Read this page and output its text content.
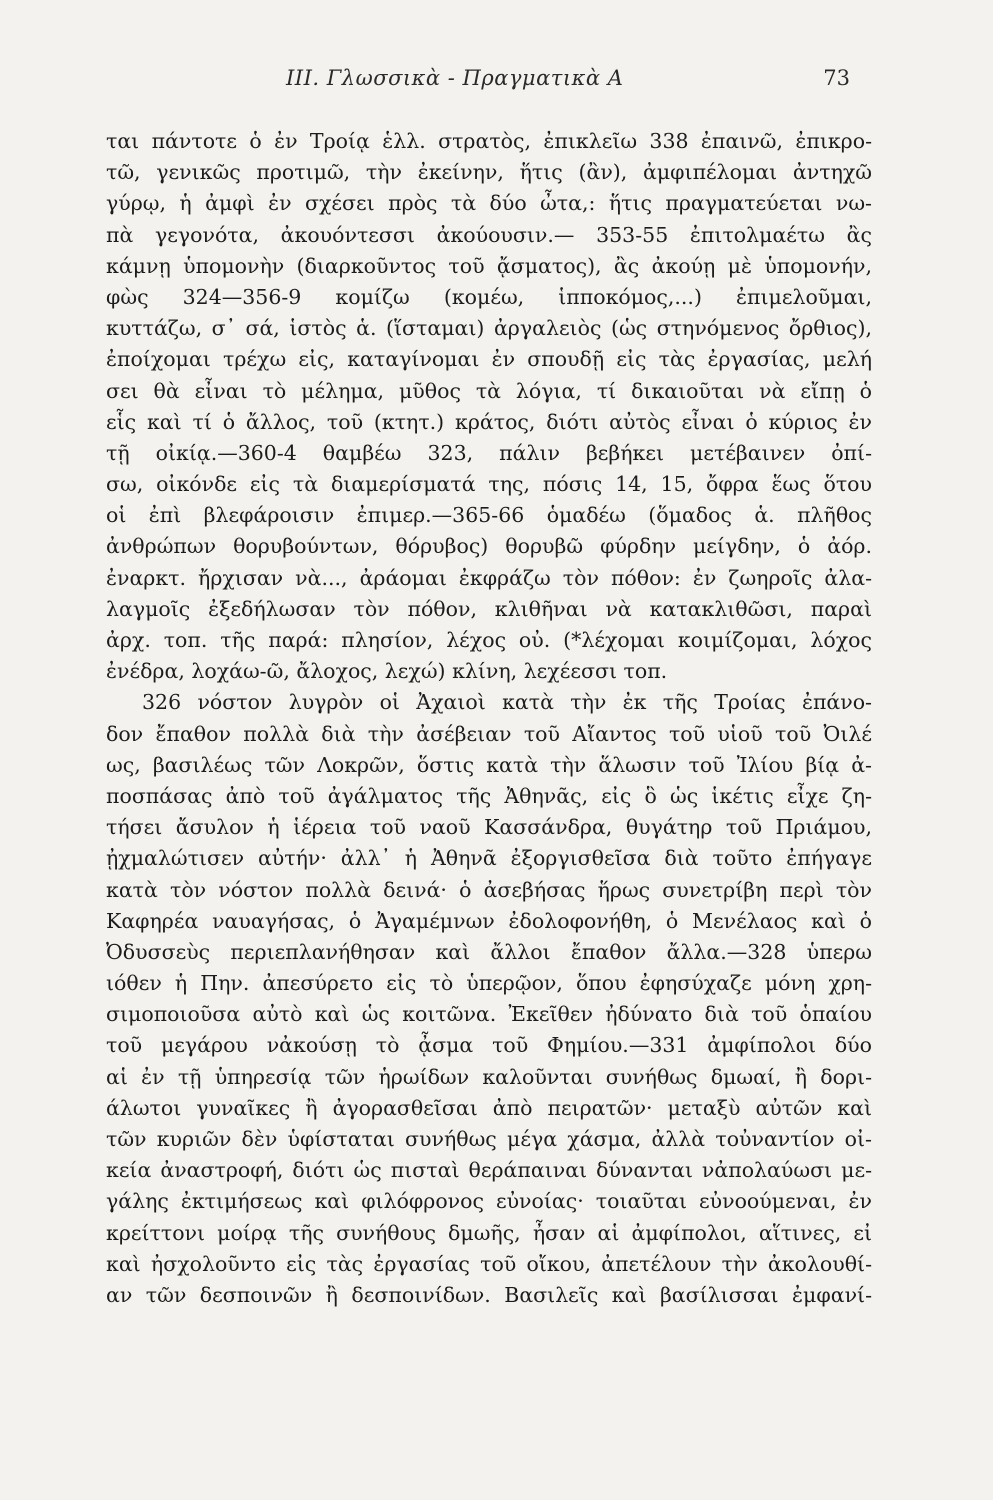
III. Γλωσσικὰ - Πραγματικὰ Α	73
ται πάντοτε ὁ ἐν Τροίᾳ ἑλλ. στρατὸς, ἐπικλεῖω 338 ἐπαινῶ, ἐπικρο-
τῶ, γενικῶς προτιμῶ, τὴν ἐκείνην, ἥτις (ἂν), ἀμφιπέλομαι ἀντηχῶ
γύρῳ, ἡ ἀμφὶ ἐν σχέσει πρὸς τὰ δύο ὦτα,: ἥτις πραγματεύεται νω-
πὰ γεγονότα, ἀκουόντεσσι ἀκούουσιν.— 353-55 ἐπιτολμαέτω ἂς
κάμνῃ ὑπομονὴν (διαρκοῦντος τοῦ ᾄσματος), ἂς ἀκούῃ μὲ ὑπομονήν,
φὼς 324—356-9 κομίζω (κομέω, ἱπποκόμος,...) ἐπιμελοῦμαι,
κυττάζω, σ᾽ σά, ἱστὸς ἁ. (ἵσταμαι) ἀργαλειὸς (ὡς στηνόμενος ὄρθιος),
ἐποίχομαι τρέχω εἰς, καταγίνομαι ἐν σπουδῇ εἰς τὰς ἐργασίας, μελή
σει θὰ εἶναι τὸ μέλημα, μῦθος τὰ λόγια, τί δικαιοῦται νὰ εἴπῃ ὁ
εἷς καὶ τί ὁ ἄλλος, τοῦ (κτητ.) κράτος, διότι αὐτὸς εἶναι ὁ κύριος ἐν
τῇ οἰκίᾳ.—360-4 θαμβέω 323, πάλιν βεβήκει μετέβαινεν ὀπί-
σω, οἰκόνδε εἰς τὰ διαμερίσματά της, πόσις 14, 15, ὄφρα ἕως ὅτου
οἱ ἐπὶ βλεφάροισιν ἐπιμερ.—365-66 ὁμαδέω (ὅμαδος ἁ. πλῆθος
ἀνθρώπων θορυβούντων, θόρυβος) θορυβῶ φύρδην μείγδην, ὁ ἀόρ.
ἐναρκτ. ἤρχισαν νὰ..., ἀράομαι ἐκφράζω τὸν πόθον: ἐν ζωηροῖς ἀλα-
λαγμοῖς ἐξεδήλωσαν τὸν πόθον, κλιθῆναι νὰ κατακλιθῶσι, παραὶ
ἀρχ. τοπ. τῆς παρά: πλησίον, λέχος οὐ. (*λέχομαι κοιμίζομαι, λόχος
ἐνέδρα, λοχάω-ῶ, ἄλοχος, λεχώ) κλίνη, λεχέεσσι τοπ.
326 νόστον λυγρὸν οἱ Ἀχαιοὶ κατὰ τὴν ἐκ τῆς Τροίας ἐπάνο-
δον ἔπαθον πολλὰ διὰ τὴν ἀσέβειαν τοῦ Αἴαντος τοῦ υἱοῦ τοῦ Ὀιλέ
ως, βασιλέως τῶν Λοκρῶν, ὅστις κατὰ τὴν ἅλωσιν τοῦ Ἰλίου βίᾳ ἀ-
ποσπάσας ἀπὸ τοῦ ἀγάλματος τῆς Ἀθηνᾶς, εἰς ὃ ὡς ἱκέτις εἶχε ζη-
τήσει ἄσυλον ἡ ἱέρεια τοῦ ναοῦ Κασσάνδρα, θυγάτηρ τοῦ Πριάμου,
ᾐχμαλώτισεν αὐτήν· ἀλλ᾽ ἡ Ἀθηνᾶ ἐξοργισθεῖσα διὰ τοῦτο ἐπήγαγε
κατὰ τὸν νόστον πολλὰ δεινά· ὁ ἀσεβήσας ἥρως συνετρίβη περὶ τὸν
Καφηρέα ναυαγήσας, ὁ Ἀγαμέμνων ἐδολοφονήθη, ὁ Μενέλαος καὶ ὁ
Ὀδυσσεὺς περιεπλανήθησαν καὶ ἄλλοι ἔπαθον ἄλλα.—328 ὑπερω
ιόθεν ἡ Πην. ἀπεσύρετο εἰς τὸ ὑπερῷον, ὅπου ἐφησύχαζε μόνη χρη-
σιμοποιοῦσα αὐτὸ καὶ ὡς κοιτῶνα. Ἐκεῖθεν ἠδύνατο διὰ τοῦ ὁπαίου
τοῦ μεγάρου νἀκούσῃ τὸ ᾆσμα τοῦ Φημίου.—331 ἀμφίπολοι δύο
αἱ ἐν τῇ ὑπηρεσίᾳ τῶν ἡρωίδων καλοῦνται συνήθως δμωαί, ἢ δορι-
άλωτοι γυναῖκες ἢ ἀγορασθεῖσαι ἀπὸ πειρατῶν· μεταξὺ αὐτῶν καὶ
τῶν κυριῶν δὲν ὑφίσταται συνήθως μέγα χάσμα, ἀλλὰ τοὐναντίον οἰ-
κεία ἀναστροφή, διότι ὡς πισταὶ θεράπαιναι δύνανται νἀπολαύωσι με-
γάλης ἐκτιμήσεως καὶ φιλόφρονος εὐνοίας· τοιαῦται εὐνοούμεναι, ἐν
κρείττονι μοίρᾳ τῆς συνήθους δμωῆς, ἦσαν αἱ ἀμφίπολοι, αἵτινες, εἰ
καὶ ἠσχολοῦντο εἰς τὰς ἐργασίας τοῦ οἴκου, ἀπετέλουν τὴν ἀκολουθί-
αν τῶν δεσποινῶν ἢ δεσποινίδων. Βασιλεῖς καὶ βασίλισσαι ἐμφανί-
